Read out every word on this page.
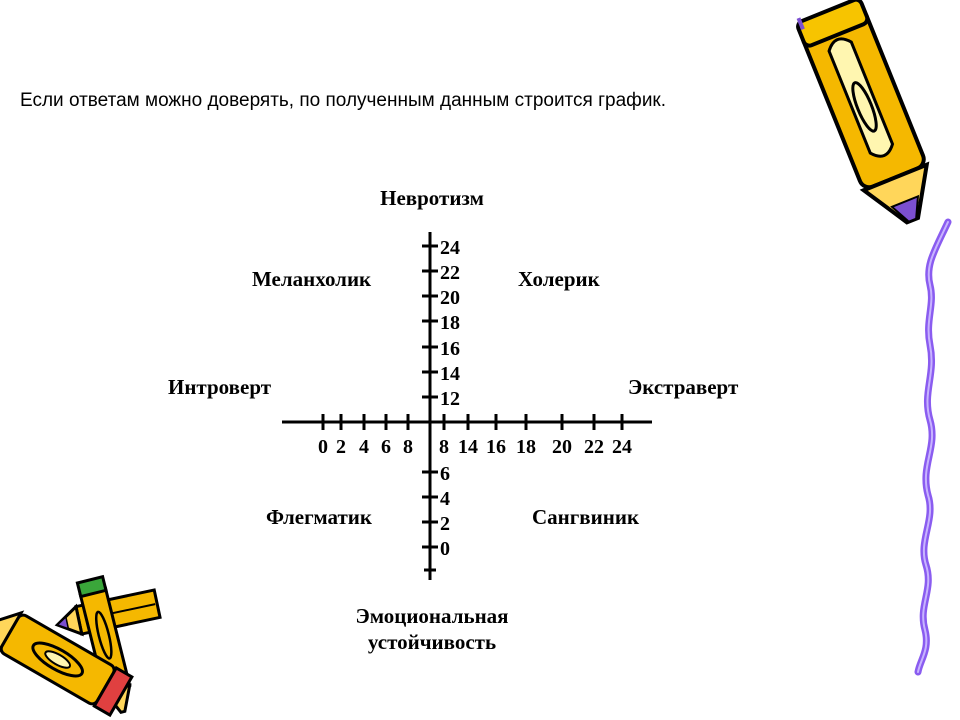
Если ответам можно доверять, по полученным данным строится график.
0 2 4 6 8 8 14 16 18 20 22 24
24
22
20
18
16
14
12
6
4
2
0
Невротизм
Эмоциональная
устойчивость
Интроверт	Экстраверт
Меланхолик	Холерик
Флегматик	Сангвиник
